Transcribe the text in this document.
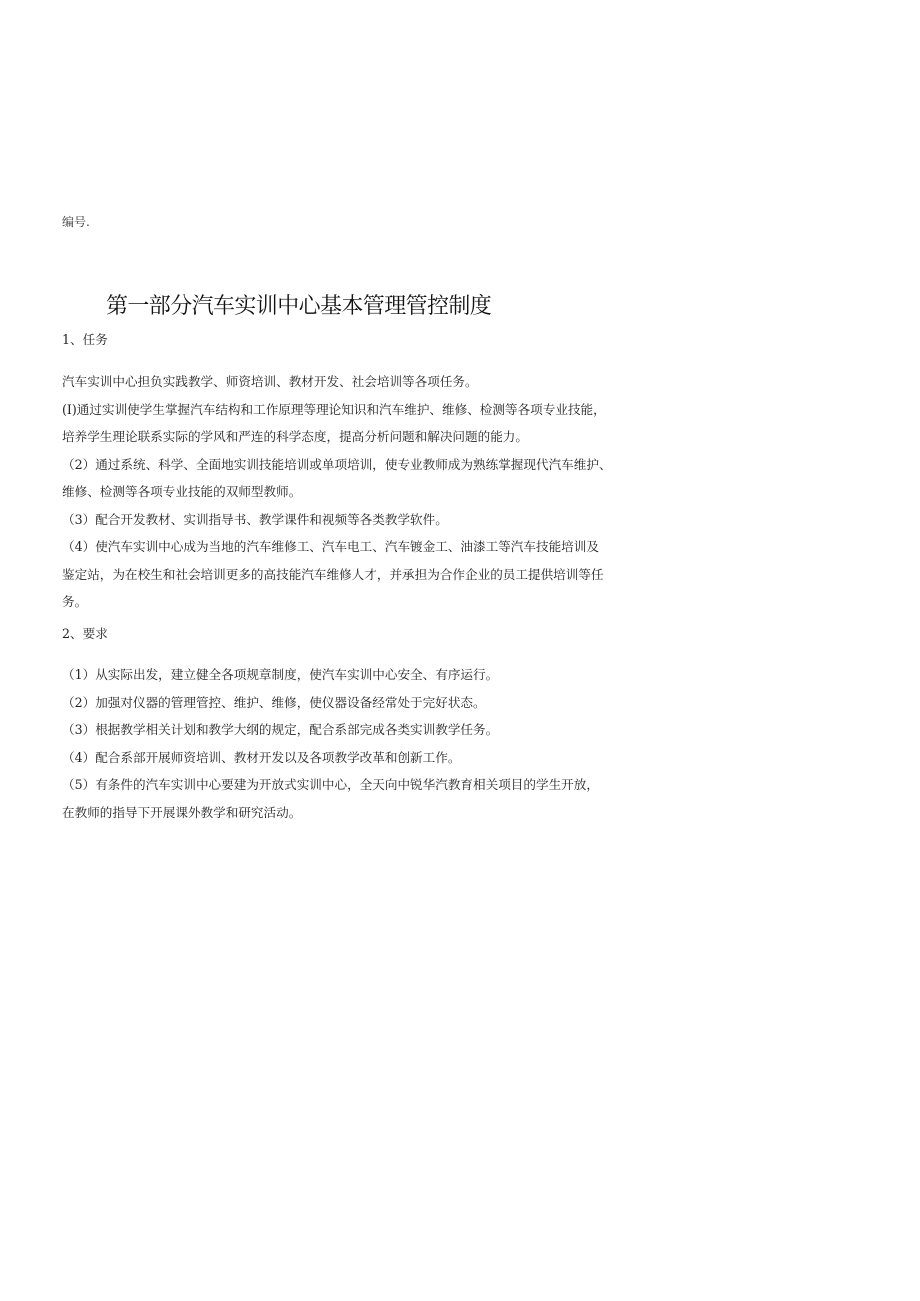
编号.
第一部分汽车实训中心基本管理管控制度
1、任务
汽车实训中心担负实践教学、师资培训、教材开发、社会培训等各项任务。
(I)通过实训使学生掌握汽车结构和工作原理等理论知识和汽车维护、维修、检测等各项专业技能，
培养学生理论联系实际的学风和严连的科学态度，提高分析问题和解决问题的能力。
（2）通过系统、科学、全面地实训技能培训或单项培训，使专业教师成为熟练掌握现代汽车维护、
维修、检测等各项专业技能的双师型教师。
（3）配合开发教材、实训指导书、教学课件和视频等各类教学软件。
（4）使汽车实训中心成为当地的汽车维修工、汽车电工、汽车镀金工、油漆工等汽车技能培训及
鉴定站，为在校生和社会培训更多的高技能汽车维修人才，并承担为合作企业的员工提供培训等任
务。
2、要求
（1）从实际出发，建立健全各项规章制度，使汽车实训中心安全、有序运行。
（2）加强对仪器的管理管控、维护、维修，使仪器设备经常处于完好状态。
（3）根据教学相关计划和教学大纲的规定，配合系部完成各类实训教学任务。
（4）配合系部开展师资培训、教材开发以及各项教学改革和创新工作。
（5）有条件的汽车实训中心要建为开放式实训中心，全天向中锐华汽教育相关项目的学生开放，
在教师的指导下开展课外教学和研究活动。
